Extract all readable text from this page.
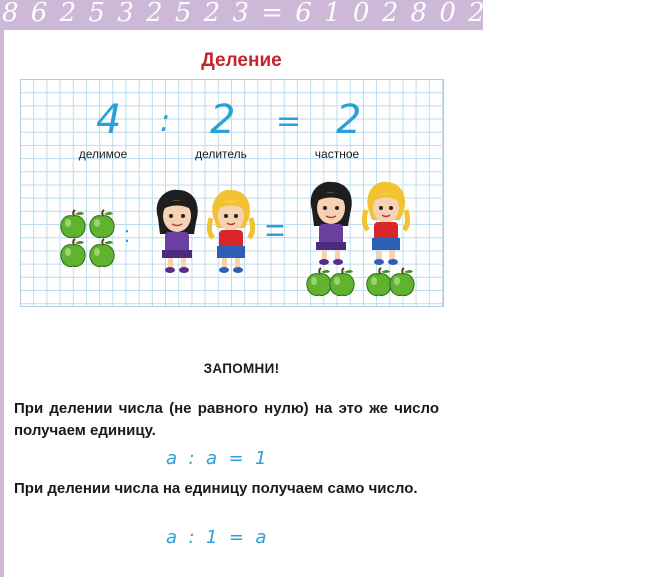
8 6 2 5 3 2 5 2 3 = 6 1 0 2 8 0 2 = 7 1 4 0 3
Деление
4 : 2 = 2
делимое	делитель	частное
:	=
ЗАПОМНИ!
При делении числа (не равного нулю) на это же число получаем единицу.
a  :  a  =  1
При делении числа на единицу получаем само число.
a  :  1  =  a
